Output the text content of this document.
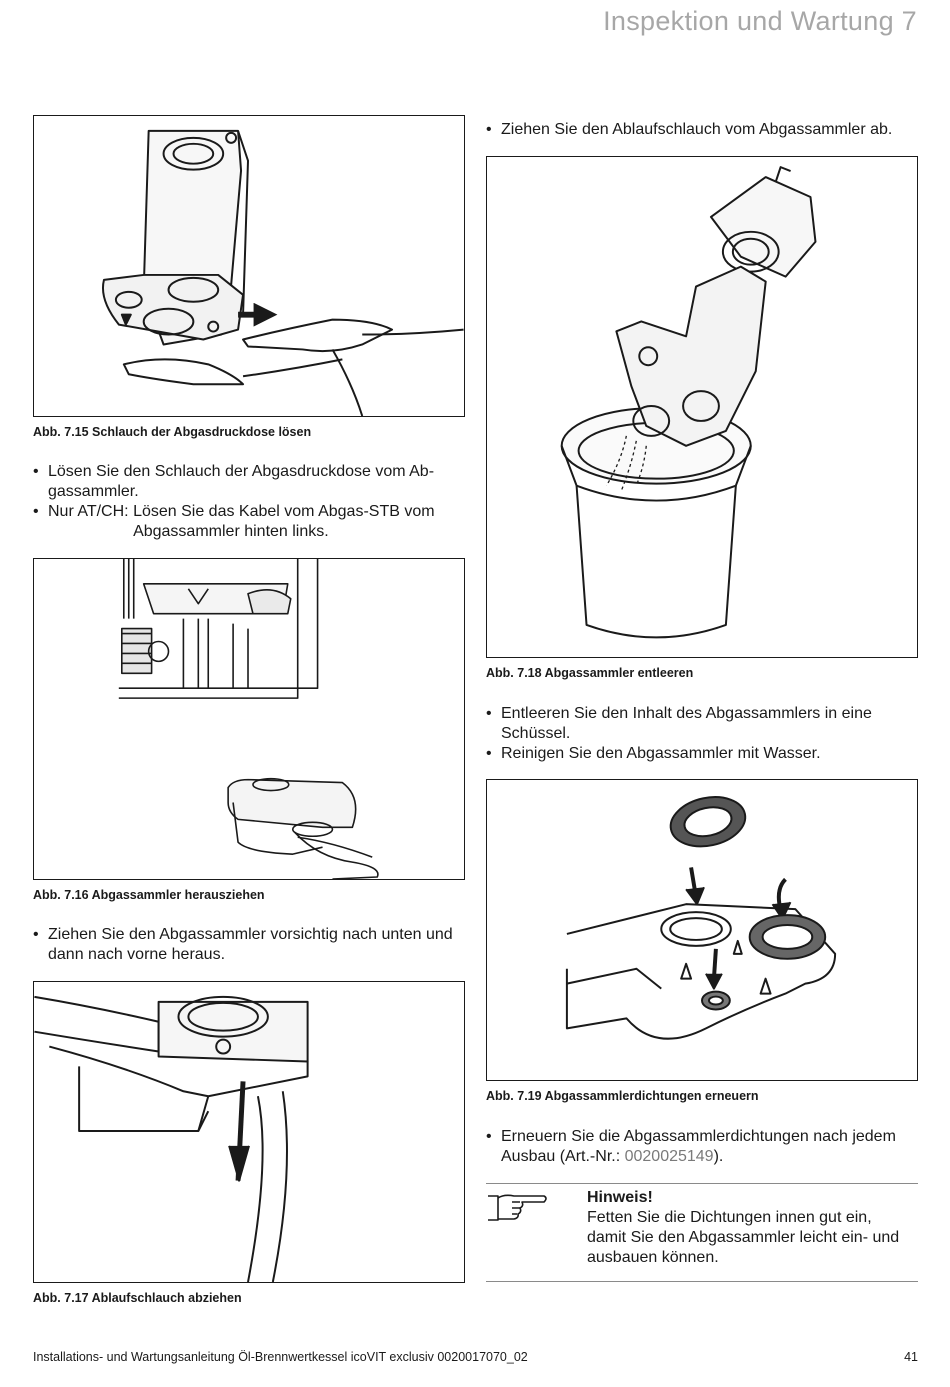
Inspektion und Wartung 7
Abb. 7.15 Schlauch der Abgasdruckdose lösen
• Lösen Sie den Schlauch der Abgasdruckdose vom Ab-gassammler.
• Nur AT/CH:
Lösen Sie das Kabel vom Abgas-STB vom Abgassammler hinten links.
Abb. 7.16 Abgassammler herausziehen
• Ziehen Sie den Abgassammler vorsichtig nach unten und dann nach vorne heraus.
Abb. 7.17 Ablaufschlauch abziehen
• Ziehen Sie den Ablaufschlauch vom Abgassammler ab.
Abb. 7.18 Abgassammler entleeren
• Entleeren Sie den Inhalt des Abgassammlers in eine Schüssel.
• Reinigen Sie den Abgassammler mit Wasser.
Abb. 7.19 Abgassammlerdichtungen erneuern
• Erneuern Sie die Abgassammlerdichtungen nach jedem Ausbau (Art.-Nr.: 0020025149).
Hinweis!
Fetten Sie die Dichtungen innen gut ein, damit Sie den Abgassammler leicht ein- und ausbauen können.
Installations- und Wartungsanleitung Öl-Brennwertkessel icoVIT exclusiv 0020017070_02	41
